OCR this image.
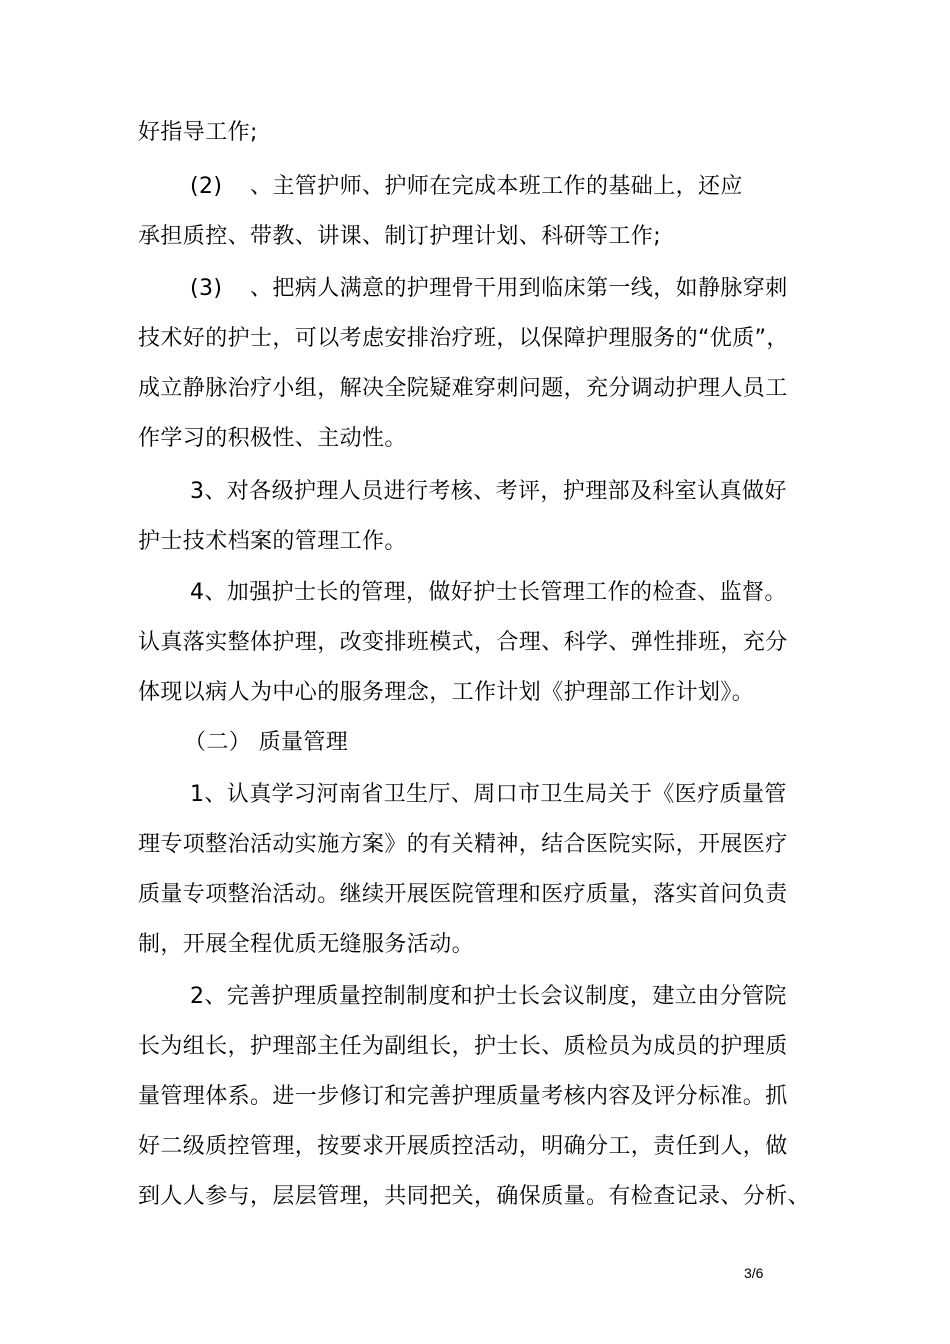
好指导工作;
(2) 、主管护师、护师在完成本班工作的基础上，还应
承担质控、带教、讲课、制订护理计划、科研等工作;
(3) 、把病人满意的护理骨干用到临床第一线，如静脉穿刺
技术好的护士，可以考虑安排治疗班，以保障护理服务的“优质”，
成立静脉治疗小组，解决全院疑难穿刺问题，充分调动护理人员工
作学习的积极性、主动性。
3、对各级护理人员进行考核、考评，护理部及科室认真做好
护士技术档案的管理工作。
4、加强护士长的管理，做好护士长管理工作的检查、监督。
认真落实整体护理，改变排班模式，合理、科学、弹性排班，充分
体现以病人为中心的服务理念，工作计划《护理部工作计划》。
（二） 质量管理
1、认真学习河南省卫生厅、周口市卫生局关于《医疗质量管
理专项整治活动实施方案》的有关精神，结合医院实际，开展医疗
质量专项整治活动。继续开展医院管理和医疗质量，落实首问负责
制，开展全程优质无缝服务活动。
2、完善护理质量控制制度和护士长会议制度，建立由分管院
长为组长，护理部主任为副组长，护士长、质检员为成员的护理质
量管理体系。进一步修订和完善护理质量考核内容及评分标准。抓
好二级质控管理，按要求开展质控活动，明确分工，责任到人，做
到人人参与，层层管理，共同把关，确保质量。有检查记录、分析、
3/6
